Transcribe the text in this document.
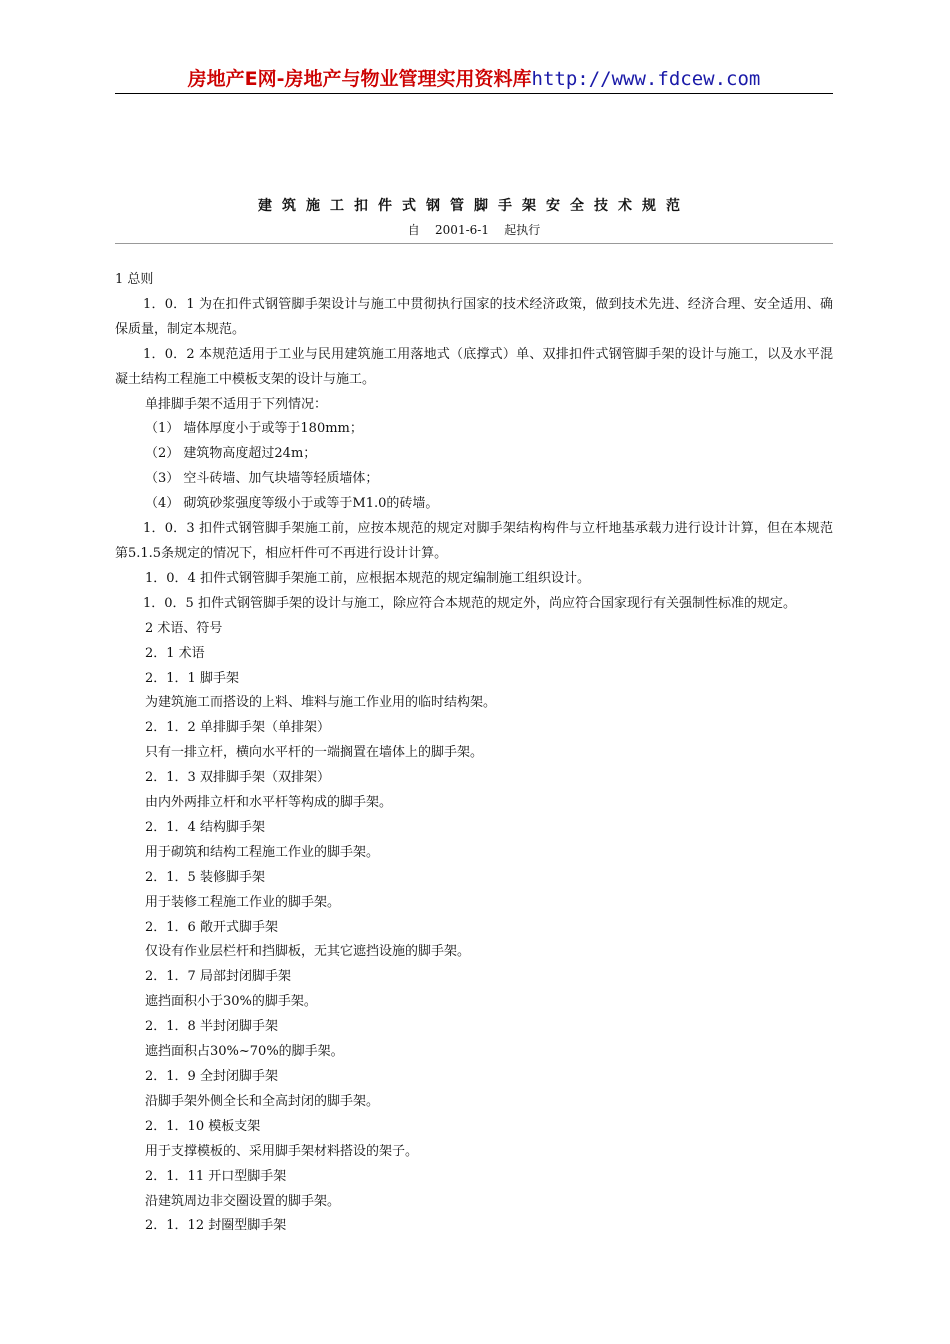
房地产E网-房地产与物业管理实用资料库http://www.fdcew.com
建筑施工扣件式钢管脚手架安全技术规范
自    2001-6-1    起执行

1 总则

1．0．1 为在扣件式钢管脚手架设计与施工中贯彻执行国家的技术经济政策，做到技术先进、经济合理、安全适用、确保质量，制定本规范。

1．0．2 本规范适用于工业与民用建筑施工用落地式（底撑式）单、双排扣件式钢管脚手架的设计与施工，以及水平混凝土结构工程施工中模板支架的设计与施工。

单排脚手架不适用于下列情况：

（1） 墙体厚度小于或等于180mm；

（2） 建筑物高度超过24m；

（3） 空斗砖墙、加气块墙等轻质墙体；

（4） 砌筑砂浆强度等级小于或等于M1.0的砖墙。

1．0．3 扣件式钢管脚手架施工前，应按本规范的规定对脚手架结构构件与立杆地基承载力进行设计计算，但在本规范第5.1.5条规定的情况下，相应杆件可不再进行设计计算。

1．0．4 扣件式钢管脚手架施工前，应根据本规范的规定编制施工组织设计。

1．0．5 扣件式钢管脚手架的设计与施工，除应符合本规范的规定外，尚应符合国家现行有关强制性标准的规定。

2 术语、符号

2．1 术语

2．1．1 脚手架

为建筑施工而搭设的上料、堆料与施工作业用的临时结构架。

2．1．2 单排脚手架（单排架）

只有一排立杆，横向水平杆的一端搁置在墙体上的脚手架。

2．1．3 双排脚手架（双排架）

由内外两排立杆和水平杆等构成的脚手架。

2．1．4 结构脚手架

用于砌筑和结构工程施工作业的脚手架。

2．1．5 装修脚手架

用于装修工程施工作业的脚手架。

2．1．6 敞开式脚手架

仅设有作业层栏杆和挡脚板，无其它遮挡设施的脚手架。

2．1．7 局部封闭脚手架

遮挡面积小于30%的脚手架。

2．1．8 半封闭脚手架

遮挡面积占30%~70%的脚手架。

2．1．9 全封闭脚手架

沿脚手架外侧全长和全高封闭的脚手架。

2．1．10 模板支架

用于支撑模板的、采用脚手架材料搭设的架子。

2．1．11 开口型脚手架

沿建筑周边非交圈设置的脚手架。

2．1．12 封圈型脚手架
